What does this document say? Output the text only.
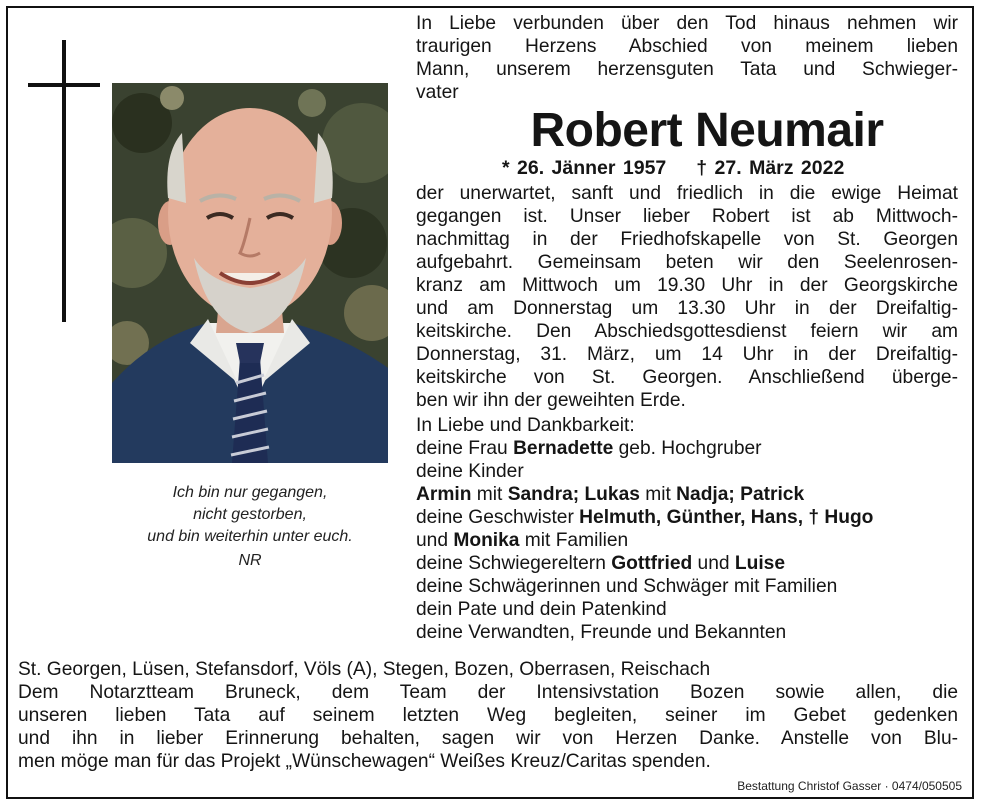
Ich bin nur gegangen,
nicht gestorben,
und bin weiterhin unter euch.
NR
In Liebe verbunden über den Tod hinaus nehmen wir
traurigen Herzens Abschied von meinem lieben
Mann, unserem herzensguten Tata und Schwieger-
vater
Robert Neumair
* 26. Jänner 1957 † 27. März 2022
der unerwartet, sanft und friedlich in die ewige Heimat
gegangen ist. Unser lieber Robert ist ab Mittwoch-
nachmittag in der Friedhofskapelle von St. Georgen
aufgebahrt. Gemeinsam beten wir den Seelenrosen-
kranz am Mittwoch um 19.30 Uhr in der Georgskirche
und am Donnerstag um 13.30 Uhr in der Dreifaltig-
keitskirche. Den Abschiedsgottesdienst feiern wir am
Donnerstag, 31. März, um 14 Uhr in der Dreifaltig-
keitskirche von St. Georgen. Anschließend überge-
ben wir ihn der geweihten Erde.
In Liebe und Dankbarkeit:
deine Frau Bernadette geb. Hochgruber
deine Kinder
Armin mit Sandra; Lukas mit Nadja; Patrick
deine Geschwister Helmuth, Günther, Hans, † Hugo
und Monika mit Familien
deine Schwiegereltern Gottfried und Luise
deine Schwägerinnen und Schwäger mit Familien
dein Pate und dein Patenkind
deine Verwandten, Freunde und Bekannten
St. Georgen, Lüsen, Stefansdorf, Völs (A), Stegen, Bozen, Oberrasen, Reischach
Dem Notarztteam Bruneck, dem Team der Intensivstation Bozen sowie allen, die
unseren lieben Tata auf seinem letzten Weg begleiten, seiner im Gebet gedenken
und ihn in lieber Erinnerung behalten, sagen wir von Herzen Danke. Anstelle von Blu-
men möge man für das Projekt „Wünschewagen“ Weißes Kreuz/Caritas spenden.
Bestattung Christof Gasser · 0474/050505
